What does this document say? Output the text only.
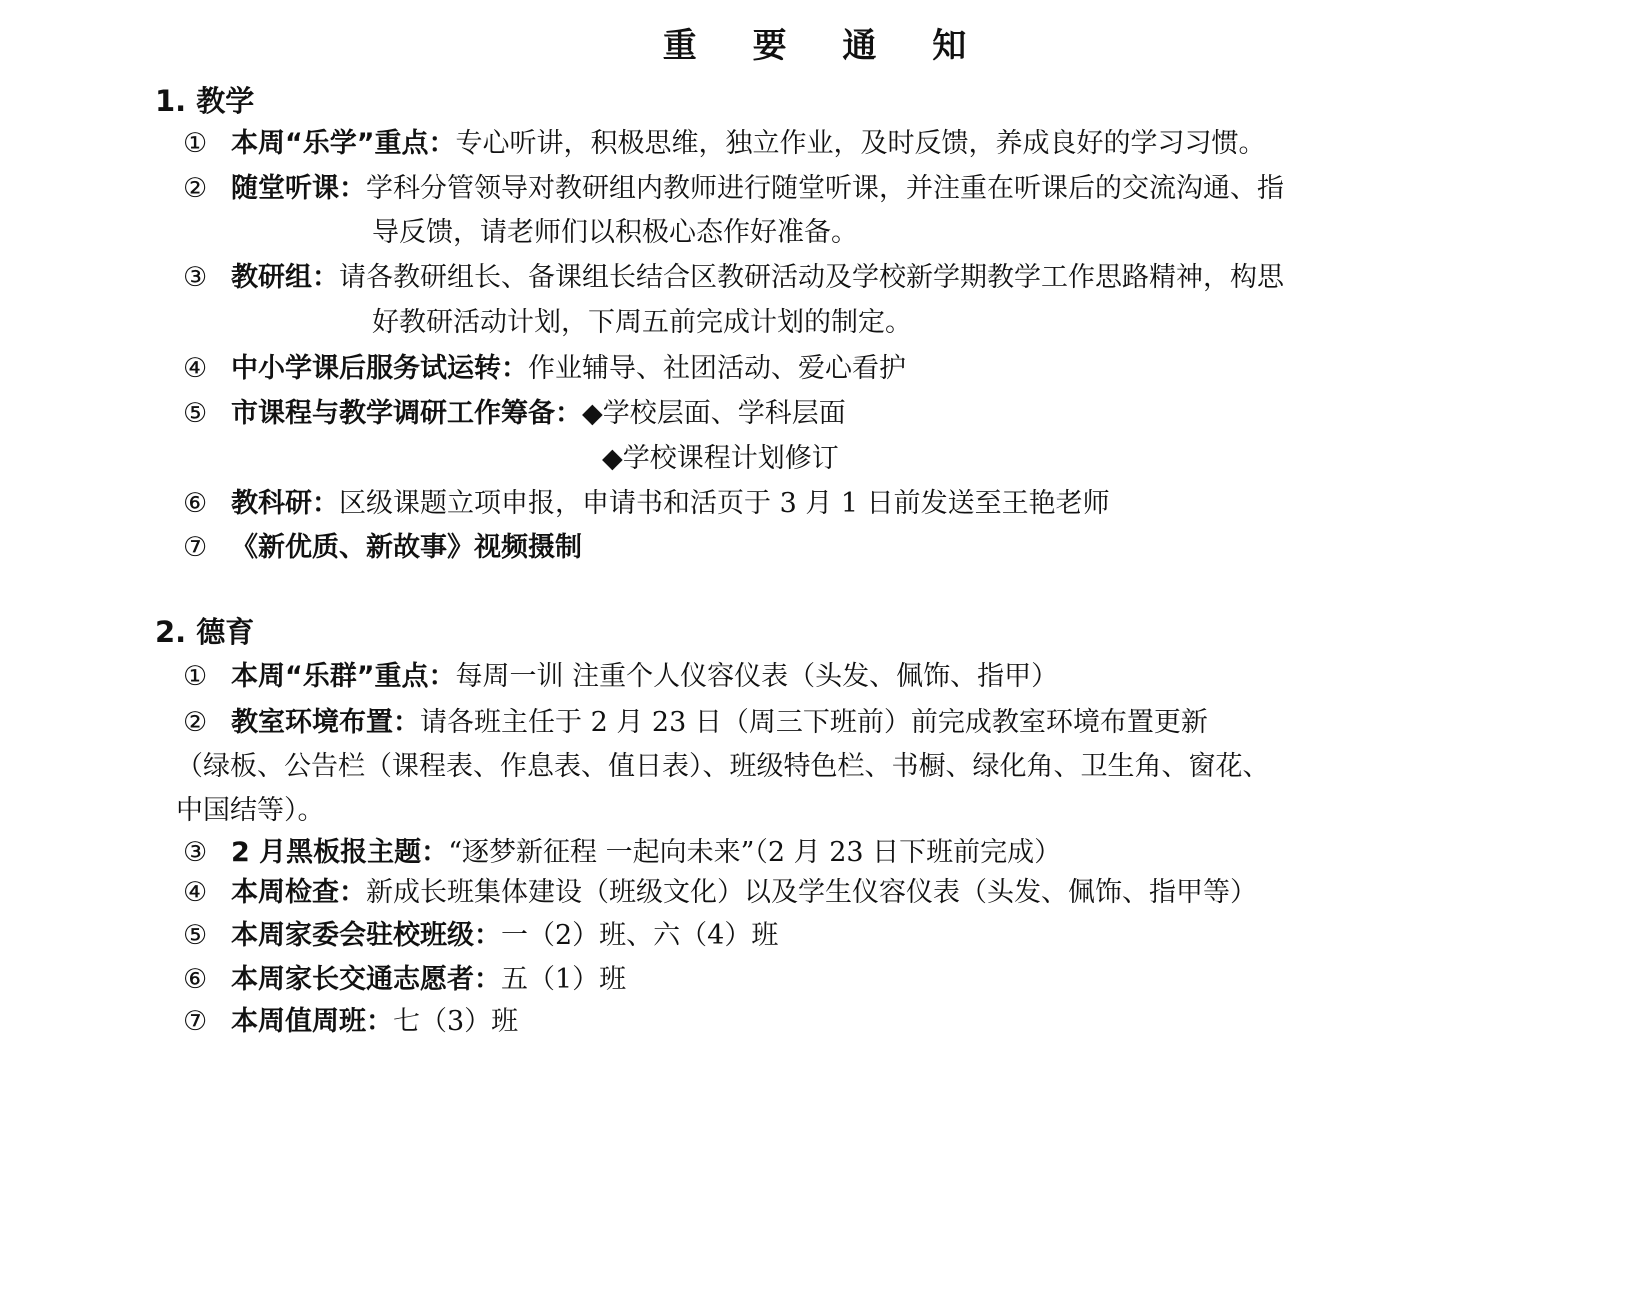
重 要 通 知
1. 教学
① 本周“乐学”重点：专心听讲，积极思维，独立作业，及时反馈，养成良好的学习习惯。
② 随堂听课：学科分管领导对教研组内教师进行随堂听课，并注重在听课后的交流沟通、指
导反馈，请老师们以积极心态作好准备。
③ 教研组：请各教研组长、备课组长结合区教研活动及学校新学期教学工作思路精神，构思
好教研活动计划，下周五前完成计划的制定。
④ 中小学课后服务试运转：作业辅导、社团活动、爱心看护
⑤ 市课程与教学调研工作筹备：◆学校层面、学科层面
◆学校课程计划修订
⑥ 教科研：区级课题立项申报，申请书和活页于 3 月 1 日前发送至王艳老师
⑦ 《新优质、新故事》视频摄制
2. 德育
① 本周“乐群”重点：每周一训 注重个人仪容仪表（头发、佩饰、指甲）
② 教室环境布置：请各班主任于 2 月 23 日（周三下班前）前完成教室环境布置更新
（绿板、公告栏（课程表、作息表、值日表）、班级特色栏、书橱、绿化角、卫生角、窗花、
中国结等）。
③ 2 月黑板报主题：“逐梦新征程 一起向未来”（2 月 23 日下班前完成）
④ 本周检查：新成长班集体建设（班级文化）以及学生仪容仪表（头发、佩饰、指甲等）
⑤ 本周家委会驻校班级：一（2）班、六（4）班
⑥ 本周家长交通志愿者：五（1）班
⑦ 本周值周班：七（3）班
